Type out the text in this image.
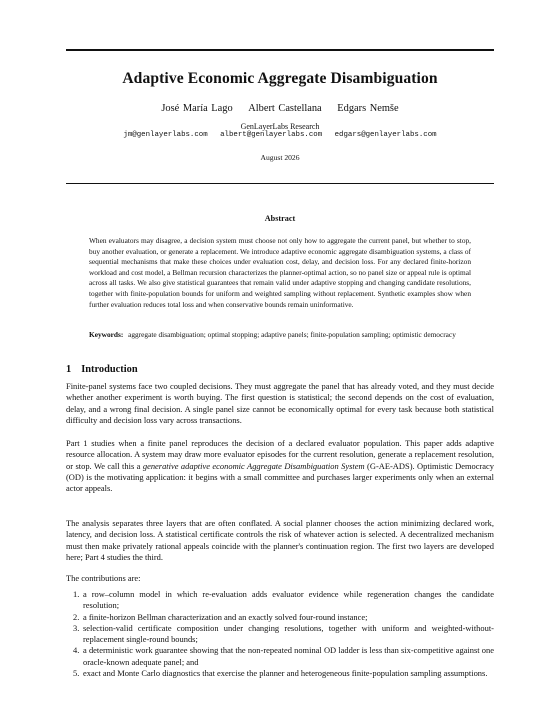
Adaptive Economic Aggregate Disambiguation
José María Lago Albert Castellana Edgars Nemše
GenLayerLabs Research
jm@genlayerlabs.com albert@genlayerlabs.com edgars@genlayerlabs.com
August 2026
Abstract

When evaluators may disagree, a decision system must choose not only how to aggregate the current panel, but whether to stop, buy another evaluation, or generate a replacement. We introduce adaptive economic aggregate disambiguation systems, a class of sequential mechanisms that make these choices under evaluation cost, delay, and decision loss. For any declared finite-horizon workload and cost model, a Bellman recursion characterizes the planner-optimal action, so no panel size or appeal rule is optimal across all tasks. We also give statistical guarantees that remain valid under adaptive stopping and changing candidate resolutions, together with finite-population bounds for uniform and weighted sampling without replacement. Synthetic examples show when further evaluation reduces total loss and when conservative bounds remain uninformative.

Keywords: aggregate disambiguation; optimal stopping; adaptive panels; finite-population sampling; optimistic democracy

1 Introduction

Finite-panel systems face two coupled decisions. They must aggregate the panel that has already voted, and they must decide whether another experiment is worth buying. The first question is statistical; the second depends on the cost of evaluation, delay, and a wrong final decision. A single panel size cannot be economically optimal for every task because both statistical difficulty and decision loss vary across transactions.

Part 1 studies when a finite panel reproduces the decision of a declared evaluator population. This paper adds adaptive resource allocation. A system may draw more evaluator episodes for the current resolution, generate a replacement resolution, or stop. We call this a generative adaptive economic Aggregate Disambiguation System (G-AE-ADS). Optimistic Democracy (OD) is the motivating application: it begins with a small committee and purchases larger experiments only when an external actor appeals.

The analysis separates three layers that are often conflated. A social planner chooses the action minimizing declared work, latency, and decision loss. A statistical certificate controls the risk of whatever action is selected. A decentralized mechanism must then make privately rational appeals coincide with the planner's continuation region. The first two layers are developed here; Part 4 studies the third.

The contributions are:

1. a row–column model in which re-evaluation adds evaluator evidence while regeneration changes the candidate resolution;
2. a finite-horizon Bellman characterization and an exactly solved four-round instance;
3. selection-valid certificate composition under changing resolutions, together with uniform and weighted-without-replacement single-round bounds;
4. a deterministic work guarantee showing that the non-repeated nominal OD ladder is less than six-competitive against one oracle-known adequate panel; and
5. exact and Monte Carlo diagnostics that exercise the planner and heterogeneous finite-population sampling assumptions.
